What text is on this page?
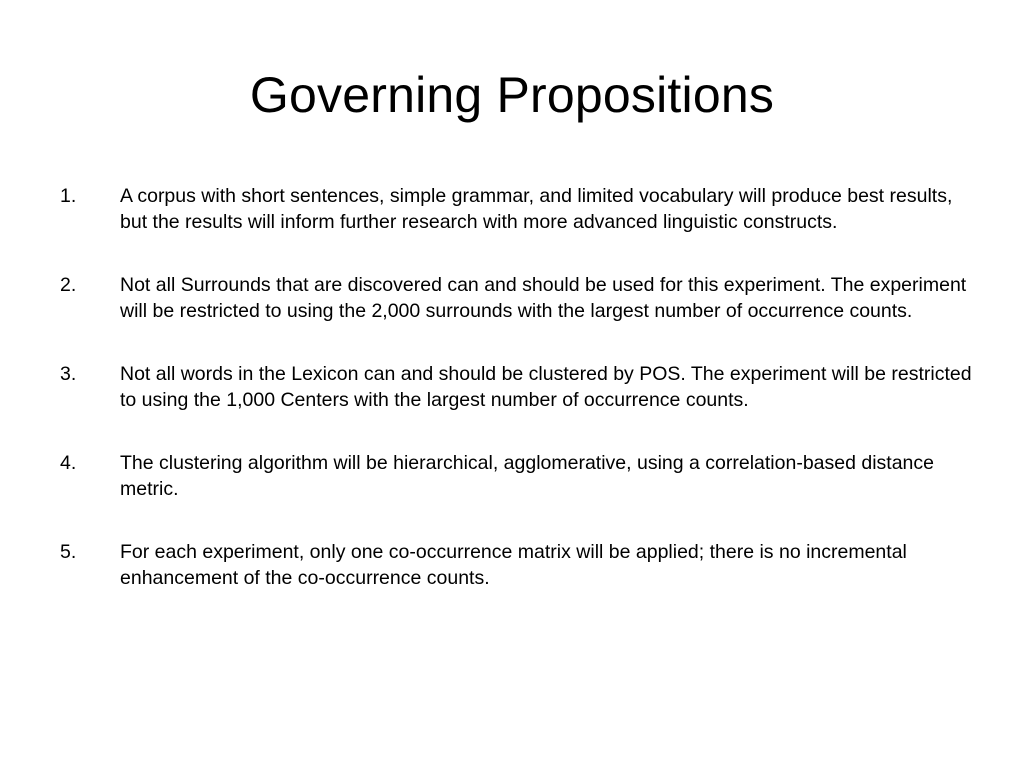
Governing Propositions
1.	A corpus with short sentences, simple grammar, and limited vocabulary will produce best results, but the results will inform further research with more advanced linguistic constructs.
2.	Not all Surrounds that are discovered can and should be used for this experiment. The experiment will be restricted to using the 2,000 surrounds with the largest number of occurrence counts.
3.	Not all words in the Lexicon can and should be clustered by POS. The experiment will be restricted to using the 1,000 Centers with the largest number of occurrence counts.
4.	The clustering algorithm will be hierarchical, agglomerative, using a correlation-based distance metric.
5.	For each experiment, only one co-occurrence matrix will be applied; there is no incremental enhancement of the co-occurrence counts.
